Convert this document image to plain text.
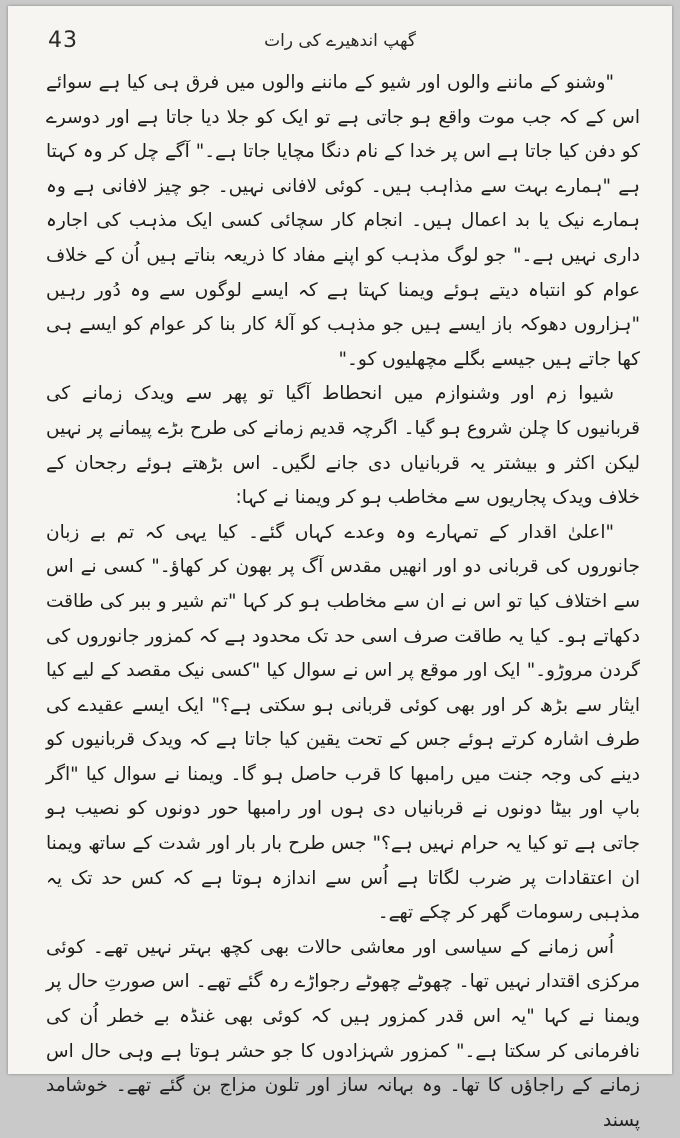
43	گھپ اندھیرے کی رات

"وشنو کے ماننے والوں اور شیو کے ماننے والوں میں فرق ہی کیا ہے سوائے اس کے کہ جب موت واقع ہو جاتی ہے تو ایک کو جلا دیا جاتا ہے اور دوسرے کو دفن کیا جاتا ہے اس پر خدا کے نام دنگا مچایا جاتا ہے۔" آگے چل کر وہ کہتا ہے "ہمارے بہت سے مذاہب ہیں۔ کوئی لافانی نہیں۔ جو چیز لافانی ہے وہ ہمارے نیک یا بد اعمال ہیں۔ انجام کار سچائی کسی ایک مذہب کی اجارہ داری نہیں ہے۔" جو لوگ مذہب کو اپنے مفاد کا ذریعہ بناتے ہیں اُن کے خلاف عوام کو انتباہ دیتے ہوئے ویمنا کہتا ہے کہ ایسے لوگوں سے وہ دُور رہیں "ہزاروں دھوکہ باز ایسے ہیں جو مذہب کو آلۂ کار بنا کر عوام کو ایسے ہی کھا جاتے ہیں جیسے بگلے مچھلیوں کو۔"

شیوا زم اور وشنوازم میں انحطاط آگیا تو پھر سے ویدک زمانے کی قربانیوں کا چلن شروع ہو گیا۔ اگرچہ قدیم زمانے کی طرح بڑے پیمانے پر نہیں لیکن اکثر و بیشتر یہ قربانیاں دی جانے لگیں۔ اس بڑھتے ہوئے رجحان کے خلاف ویدک پجاریوں سے مخاطب ہو کر ویمنا نے کہا:

"اعلیٰ اقدار کے تمہارے وہ وعدے کہاں گئے۔ کیا یہی کہ تم بے زبان جانوروں کی قربانی دو اور انھیں مقدس آگ پر بھون کر کھاؤ۔" کسی نے اس سے اختلاف کیا تو اس نے ان سے مخاطب ہو کر کہا "تم شیر و ببر کی طاقت دکھاتے ہو۔ کیا یہ طاقت صرف اسی حد تک محدود ہے کہ کمزور جانوروں کی گردن مروڑو۔" ایک اور موقع پر اس نے سوال کیا "کسی نیک مقصد کے لیے کیا ایثار سے بڑھ کر اور بھی کوئی قربانی ہو سکتی ہے؟" ایک ایسے عقیدے کی طرف اشارہ کرتے ہوئے جس کے تحت یقین کیا جاتا ہے کہ ویدک قربانیوں کو دینے کی وجہ جنت میں رامبھا کا قرب حاصل ہو گا۔ ویمنا نے سوال کیا "اگر باپ اور بیٹا دونوں نے قربانیاں دی ہوں اور رامبھا حور دونوں کو نصیب ہو جاتی ہے تو کیا یہ حرام نہیں ہے؟" جس طرح بار بار اور شدت کے ساتھ ویمنا ان اعتقادات پر ضرب لگاتا ہے اُس سے اندازہ ہوتا ہے کہ کس حد تک یہ مذہبی رسومات گھر کر چکے تھے۔

اُس زمانے کے سیاسی اور معاشی حالات بھی کچھ بہتر نہیں تھے۔ کوئی مرکزی اقتدار نہیں تھا۔ چھوٹے چھوٹے رجواڑے رہ گئے تھے۔ اس صورتِ حال پر ویمنا نے کہا "یہ اس قدر کمزور ہیں کہ کوئی بھی غنڈہ بے خطر اُن کی نافرمانی کر سکتا ہے۔" کمزور شہزادوں کا جو حشر ہوتا ہے وہی حال اس زمانے کے راجاؤں کا تھا۔ وہ بہانہ ساز اور تلون مزاج بن گئے تھے۔ خوشامد پسند
